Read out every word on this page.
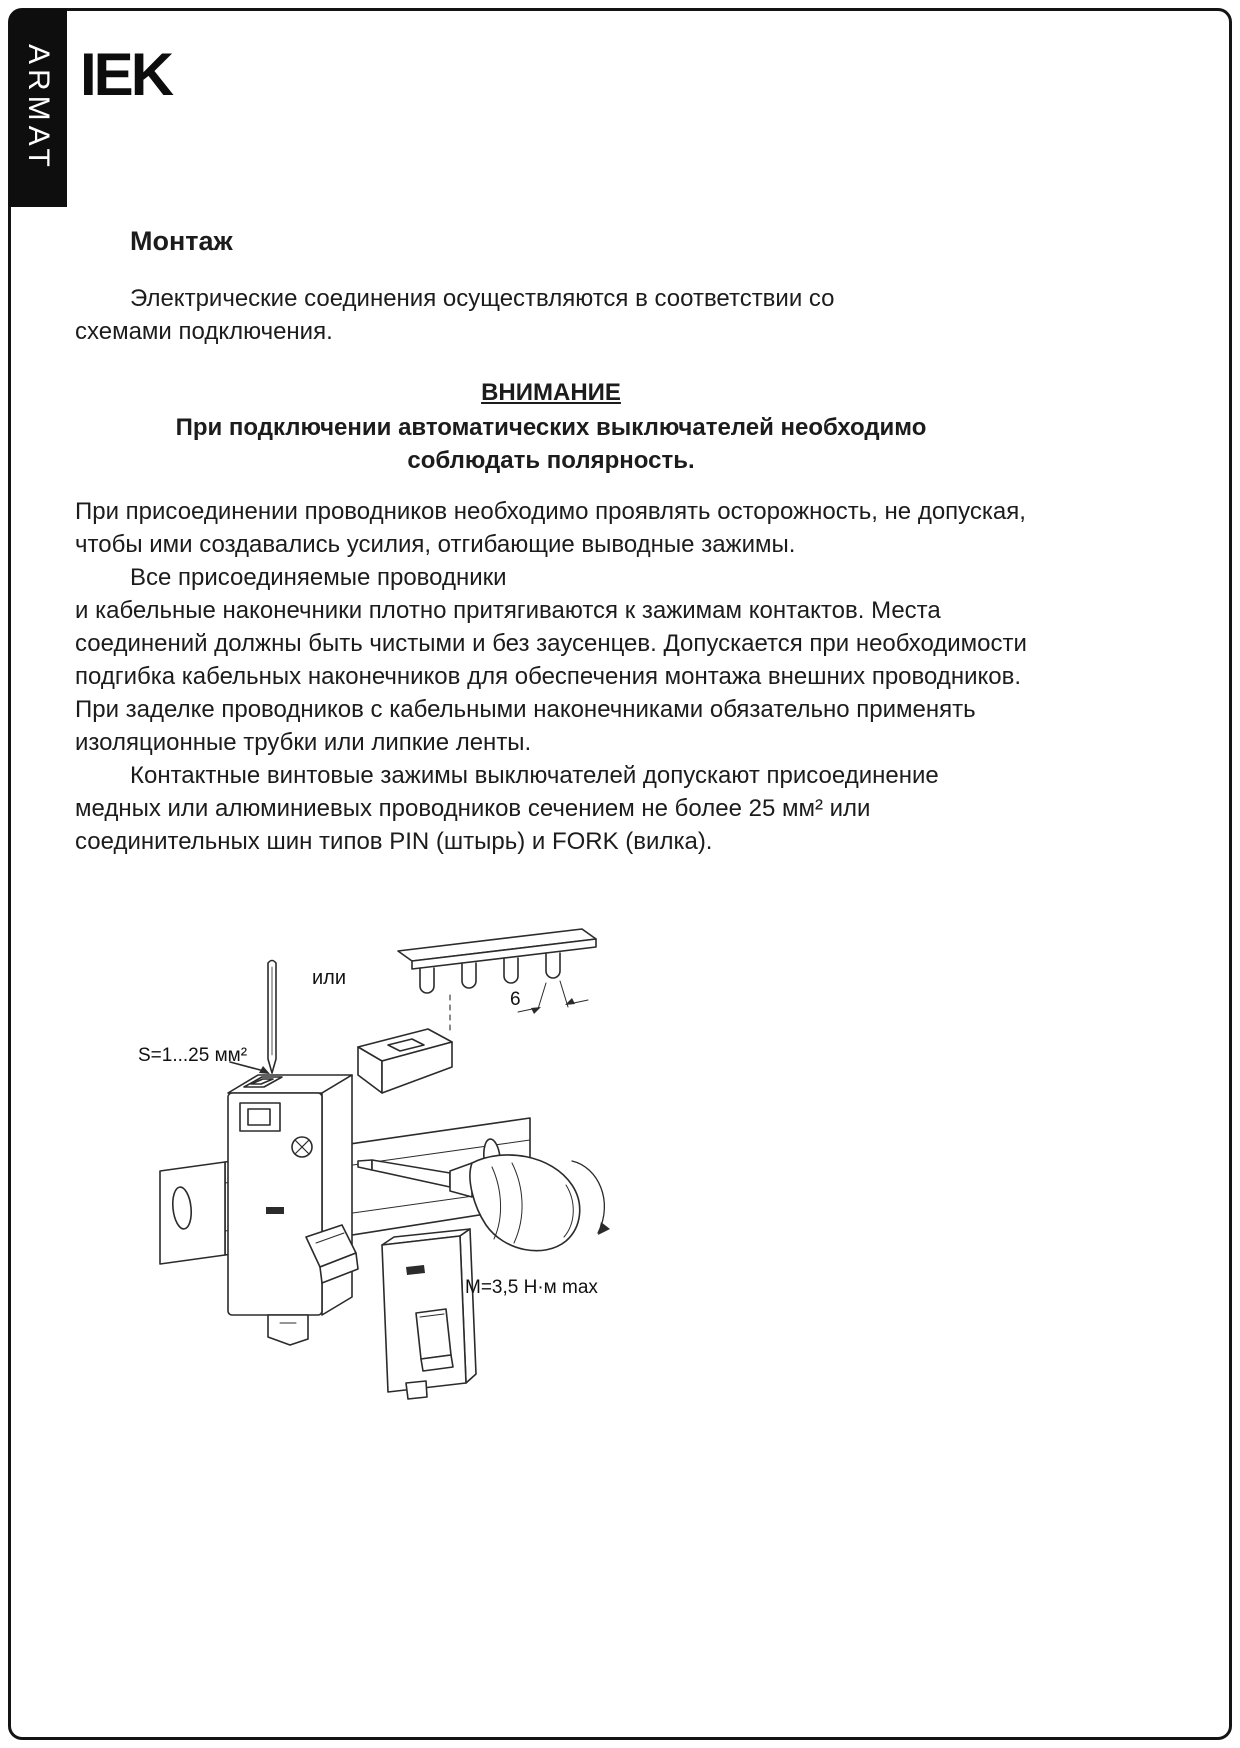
ARMAT IEK
Монтаж

Электрические соединения осуществляются в соответствии со схемами подключения.

ВНИМАНИЕ
При подключении автоматических выключателей необходимо соблюдать полярность.

При присоединении проводников необходимо проявлять осторожность, не допуская, чтобы ими создавались усилия, отгибающие выводные зажимы.

Все присоединяемые проводники

и кабельные наконечники плотно притягиваются к зажимам контактов. Места соединений должны быть чистыми и без заусенцев. Допускается при необходимости подгибка кабельных наконечников для обеспечения монтажа внешних проводников.

При заделке проводников с кабельными наконечниками обязательно применять изоляционные трубки или липкие ленты.

Контактные винтовые зажимы выключателей допускают присоединение медных или алюминиевых проводников сечением не более 25 мм² или соединительных шин типов PIN (штырь) и FORK (вилка).

или
6
S=1...25 мм²
M=3,5 Н·м max
